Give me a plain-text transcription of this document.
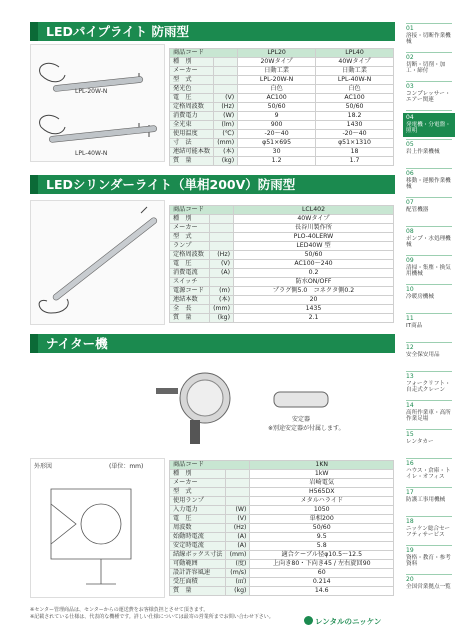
LEDパイプライト 防雨型
LPL-20W-N
LPL-40W-N
商品コード		LPL20	LPL40
種　別		20Wタイプ	40Wタイプ
メーカー		日動工業	日動工業
型　式		LPL-20W-N	LPL-40W-N
発光色		白色	白色
電　圧	(V)	AC100	AC100
定格周波数	(Hz)	50/60	50/60
消費電力	(W)	9	18.2
全光束	(lm)	900	1430
使用温度	(℃)	-20〜40	-20〜40
寸　法	(mm)	φ51×695	φ51×1310
連結可能本数	(本)	30	18
質　量	(kg)	1.2	1.7
LEDシリンダーライト（単相200V）防雨型
商品コード		LCL402
種　別		40Wタイプ
メーカー		長谷川製作所
型　式		PLO-40LERW
ランプ		LED40W 型
定格周波数	(Hz)	50/60
電　圧	(V)	AC100〜240
消費電流	(A)	0.2
スイッチ		防水ON/OFF
電源コード	(m)	プラグ側5.0　コネクタ側0.2
連結本数	(本)	20
全　長	(mm)	1435
質　量	(kg)	2.1
ナイター機
安定器
※別途安定器が付属します。
外形図	(単位：mm)	商品コード		1KN
種　別		1kW
メーカー		岩崎電気
型　式		H565DX
使用ランプ		メタルハライド
入力電力	(W)	1050
電　圧	(V)	単相200
周波数	(Hz)	50/60
始動時電流	(A)	9.5
安定時電流	(A)	5.8
結線ボックス寸法	(mm)	適合ケーブル径φ10.5〜12.5
可動範囲	(度)	上向き80・下向き45 / 左右旋回90
設計許容風速	(m/s)	60
受圧面積	(㎡)	0.214
質　量	(kg)	14.6
※センター管理商品は、センターからの運送費をお客様負担とさせて頂きます。
※記載されている仕様は、代表的な機種です。詳しい仕様については最寄の営業所までお問い合わせ下さい。	レンタルのニッケン
01
溶接・切断作業機械
02
切断・切削・加工・締付
03
コンプレッサー・エアー関連
04
発電機・分電盤・照明
05
岩上作業機械
06
移動・運搬作業機械
07
配管機器
08
ポンプ・水処理機械
09
清掃・集塵・換気用機械
10
冷暖房機械
11
IT商品
12
安全保安用品
13
フォークリフト・自走式クレーン
14
高所作業車・高所作業足場
15
レンタカー
16
ハウス・倉庫・トイレ・オフィス
17
防護工事用機械
18
ニッケン総合セーフティサービス
19
資格・教育・参考資料
20
全国営業拠点一覧
